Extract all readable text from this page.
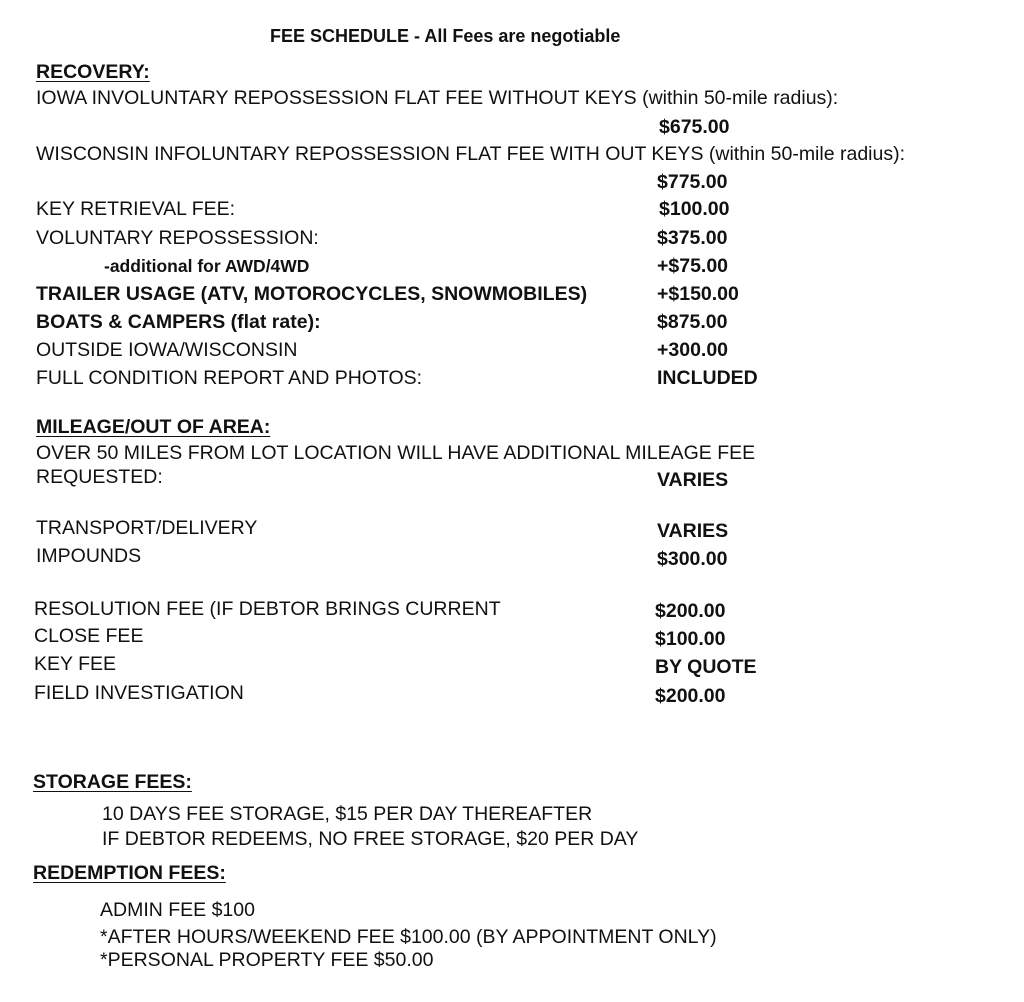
FEE SCHEDULE - All Fees are negotiable
RECOVERY:
IOWA INVOLUNTARY REPOSSESSION FLAT FEE WITHOUT KEYS (within 50-mile radius):
$675.00
WISCONSIN INFOLUNTARY REPOSSESSION FLAT FEE WITH OUT KEYS (within 50-mile radius):
$775.00
KEY RETRIEVAL FEE:	$100.00
VOLUNTARY REPOSSESSION:	$375.00
-additional for AWD/4WD	+$75.00
TRAILER USAGE (ATV, MOTOROCYCLES, SNOWMOBILES)	+$150.00
BOATS & CAMPERS (flat rate):	$875.00
OUTSIDE IOWA/WISCONSIN	+300.00
FULL CONDITION REPORT AND PHOTOS:	INCLUDED
MILEAGE/OUT OF AREA:
OVER 50 MILES FROM LOT LOCATION WILL HAVE ADDITIONAL MILEAGE FEE
REQUESTED:	VARIES
TRANSPORT/DELIVERY	VARIES
IMPOUNDS	$300.00
RESOLUTION FEE (IF DEBTOR BRINGS CURRENT	$200.00
CLOSE FEE	$100.00
KEY FEE	BY QUOTE
FIELD INVESTIGATION	$200.00
STORAGE FEES:
10 DAYS FEE STORAGE, $15 PER DAY THEREAFTER
IF DEBTOR REDEEMS, NO FREE STORAGE, $20 PER DAY
REDEMPTION FEES:
ADMIN FEE $100
*AFTER HOURS/WEEKEND FEE $100.00 (BY APPOINTMENT ONLY)
*PERSONAL PROPERTY FEE $50.00
